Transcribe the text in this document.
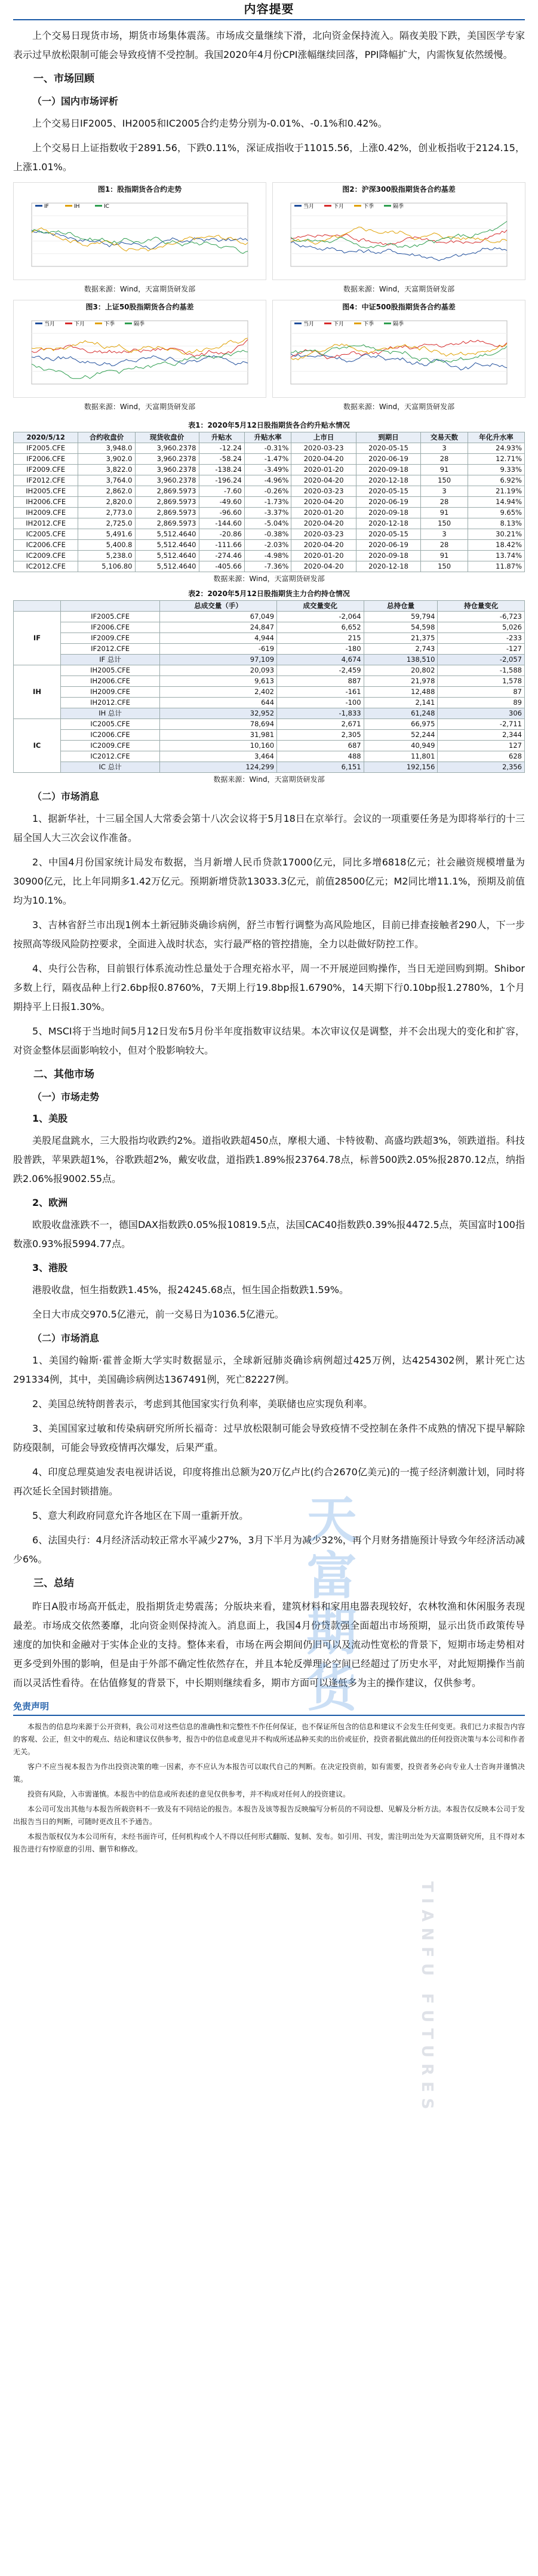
内容提要
天富期货
TIANFU FUTURES

上个交易日现货市场，期货市场集体震荡。市场成交量继续下滑，北向资金保持流入。隔夜美股下跌，美国医学专家表示过早放松限制可能会导致疫情不受控制。我国2020年4月份CPI涨幅继续回落，PPI降幅扩大，内需恢复依然缓慢。

一、市场回顾
（一）国内市场评析

上个交易日IF2005、IH2005和IC2005合约走势分别为-0.01%、-0.1%和0.42%。

上个交易日上证指数收于2891.56，下跌0.11%，深证成指收于11015.56，上涨0.42%，创业板指收于2124.15，上涨1.01%。

图1：股指期货各合约走势
IF	IH	IC
图2：沪深300股指期货各合约基差
当月	下月	下季	隔季
数据来源：Wind，天富期货研发部	数据来源：Wind，天富期货研发部
图3：上证50股指期货各合约基差
当月	下月	下季	隔季
图4：中证500股指期货各合约基差
当月	下月	下季	隔季
数据来源：Wind，天富期货研发部	数据来源：Wind，天富期货研发部
表1：2020年5月12日股指期货各合约升贴水情况
2020/5/12	合约收盘价	现货收盘价	升贴水	升贴水率	上市日	到期日	交易天数	年化升水率
IF2005.CFE	3,948.0	3,960.2378	-12.24	-0.31%	2020-03-23	2020-05-15	3	24.93%
IF2006.CFE	3,902.0	3,960.2378	-58.24	-1.47%	2020-04-20	2020-06-19	28	12.71%
IF2009.CFE	3,822.0	3,960.2378	-138.24	-3.49%	2020-01-20	2020-09-18	91	9.33%
IF2012.CFE	3,764.0	3,960.2378	-196.24	-4.96%	2020-04-20	2020-12-18	150	6.92%
IH2005.CFE	2,862.0	2,869.5973	-7.60	-0.26%	2020-03-23	2020-05-15	3	21.19%
IH2006.CFE	2,820.0	2,869.5973	-49.60	-1.73%	2020-04-20	2020-06-19	28	14.94%
IH2009.CFE	2,773.0	2,869.5973	-96.60	-3.37%	2020-01-20	2020-09-18	91	9.65%
IH2012.CFE	2,725.0	2,869.5973	-144.60	-5.04%	2020-04-20	2020-12-18	150	8.13%
IC2005.CFE	5,491.6	5,512.4640	-20.86	-0.38%	2020-03-23	2020-05-15	3	30.21%
IC2006.CFE	5,400.8	5,512.4640	-111.66	-2.03%	2020-04-20	2020-06-19	28	18.42%
IC2009.CFE	5,238.0	5,512.4640	-274.46	-4.98%	2020-01-20	2020-09-18	91	13.74%
IC2012.CFE	5,106.80	5,512.4640	-405.66	-7.36%	2020-04-20	2020-12-18	150	11.87%
数据来源：Wind，天富期货研发部
表2：2020年5月12日股指期货主力合约持仓情况
		总成交量（手）	成交量变化	总持仓量	持仓量变化
IF	IF2005.CFE	67,049	-2,064	59,794	-6,723
	IF2006.CFE	24,847	6,652	54,598	5,026
	IF2009.CFE	4,944	215	21,375	-233
	IF2012.CFE	-619	-180	2,743	-127
	IF 总计	97,109	4,674	138,510	-2,057
IH	IH2005.CFE	20,093	-2,459	20,802	-1,588
	IH2006.CFE	9,613	887	21,978	1,578
	IH2009.CFE	2,402	-161	12,488	87
	IH2012.CFE	644	-100	2,141	89
	IH 总计	32,952	-1,833	61,248	306
IC	IC2005.CFE	78,694	2,671	66,975	-2,711
	IC2006.CFE	31,981	2,305	52,244	2,344
	IC2009.CFE	10,160	687	40,949	127
	IC2012.CFE	3,464	488	11,801	628
	IC 总计	124,299	6,151	192,156	2,356
数据来源：Wind，天富期货研发部
（二）市场消息

1、据新华社，十三届全国人大常委会第十八次会议将于5月18日在京举行。会议的一项重要任务是为即将举行的十三届全国人大三次会议作准备。

2、中国4月份国家统计局发布数据，当月新增人民币贷款17000亿元，同比多增6818亿元；社会融资规模增量为30900亿元，比上年同期多1.42万亿元。预期新增贷款13033.3亿元，前值28500亿元；M2同比增11.1%，预期及前值均为10.1%。

3、吉林省舒兰市出现1例本土新冠肺炎确诊病例，舒兰市暂行调整为高风险地区，目前已排查接触者290人，下一步按照高等级风险防控要求，全面进入战时状态，实行最严格的管控措施，全力以赴做好防控工作。

4、央行公告称，目前银行体系流动性总量处于合理充裕水平，周一不开展逆回购操作，当日无逆回购到期。Shibor多数上行，隔夜品种上行2.6bp报0.8760%，7天期上行19.8bp报1.6790%，14天期下行0.10bp报1.2780%，1个月期持平上日报1.30%。

5、MSCI将于当地时间5月12日发布5月份半年度指数审议结果。本次审议仅是调整，并不会出现大的变化和扩容，对资金整体层面影响较小，但对个股影响较大。

二、其他市场
（一）市场走势
1、美股

美股尾盘跳水，三大股指均收跌约2%。道指收跌超450点，摩根大通、卡特彼勒、高盛均跌超3%，领跌道指。科技股普跌，苹果跌超1%，谷歌跌超2%，戴安收盘，道指跌1.89%报23764.78点，标普500跌2.05%报2870.12点，纳指跌2.06%报9002.55点。

2、欧洲

欧股收盘涨跌不一，德国DAX指数跌0.05%报10819.5点，法国CAC40指数跌0.39%报4472.5点，英国富时100指数涨0.93%报5994.77点。

3、港股

港股收盘，恒生指数跌1.45%，报24245.68点，恒生国企指数跌1.59%。

全日大市成交970.5亿港元，前一交易日为1036.5亿港元。

（二）市场消息

1、美国约翰斯·霍普金斯大学实时数据显示，全球新冠肺炎确诊病例超过425万例，达4254302例，累计死亡达291334例，其中，美国确诊病例达1367491例，死亡82227例。

2、美国总统特朗普表示，考虑到其他国家实行负利率，美联储也应实现负利率。

3、美国国家过敏和传染病研究所所长福奇：过早放松限制可能会导致疫情不受控制在条件不成熟的情况下提早解除防疫限制，可能会导致疫情再次爆发，后果严重。

4、印度总理莫迪发表电视讲话说，印度将推出总额为20万亿卢比(约合2670亿美元)的一揽子经济刺激计划，同时将再次延长全国封锁措施。

5、意大利政府同意允许各地区在下周一重新开放。

6、法国央行：4月经济活动较正常水平减少27%，3月下半月为减少32%，再个月财务措施预计导致今年经济活动减少6%。

三、总结

昨日A股市场高开低走，股指期货走势震荡；分版块来看，建筑材料和家用电器表现较好，农林牧渔和休闲服务表现最差。市场成交依然萎靡，北向资金则保持流入。消息面上，我国4月份贷款强全面超出市场预期，显示出货币政策传导速度的加快和金融对于实体企业的支持。整体来看，市场在两会期间仍旧可以及流动性宽松的背景下，短期市场走势相对更多受到外围的影响，但是由于外部不确定性依然存在，并且本轮反弹理论空间已经超过了历史水平，对此短期操作当前而以灵活性看待。在估值修复的背景下，中长期则继续看多，期市方面可以逢低多为主的操作建议，仅供参考。

免责声明

本报告的信息均来源于公开资料，我公司对这些信息的准确性和完整性不作任何保证，也不保证所包含的信息和建议不会发生任何变更。我们已力求报告内容的客观、公正，但文中的观点、结论和建议仅供参考，报告中的信息或意见并不构成所述品种买卖的出价或征价，投资者据此做出的任何投资决策与本公司和作者无关。

客户不应当视本报告为作出投资决策的唯一因素，亦不应认为本报告可以取代自己的判断。在决定投资前，如有需要，投资者务必向专业人士咨询并谨慎决策。

投资有风险，入市需谨慎。本报告中的信息或所表述的意见仅供参考，并不构成对任何人的投资建议。

本公司可发出其他与本报告所载资料不一致及有不同结论的报告。本报告及该等报告反映编写分析员的不同设想、见解及分析方法。本报告仅反映本公司于发出报告当日的判断，可随时更改且不予通告。

本报告版权仅为本公司所有，未经书面许可，任何机构或个人不得以任何形式翻版、复制、发布。如引用、刊发，需注明出处为天富期货研究所，且不得对本报告进行有悖原意的引用、删节和修改。
